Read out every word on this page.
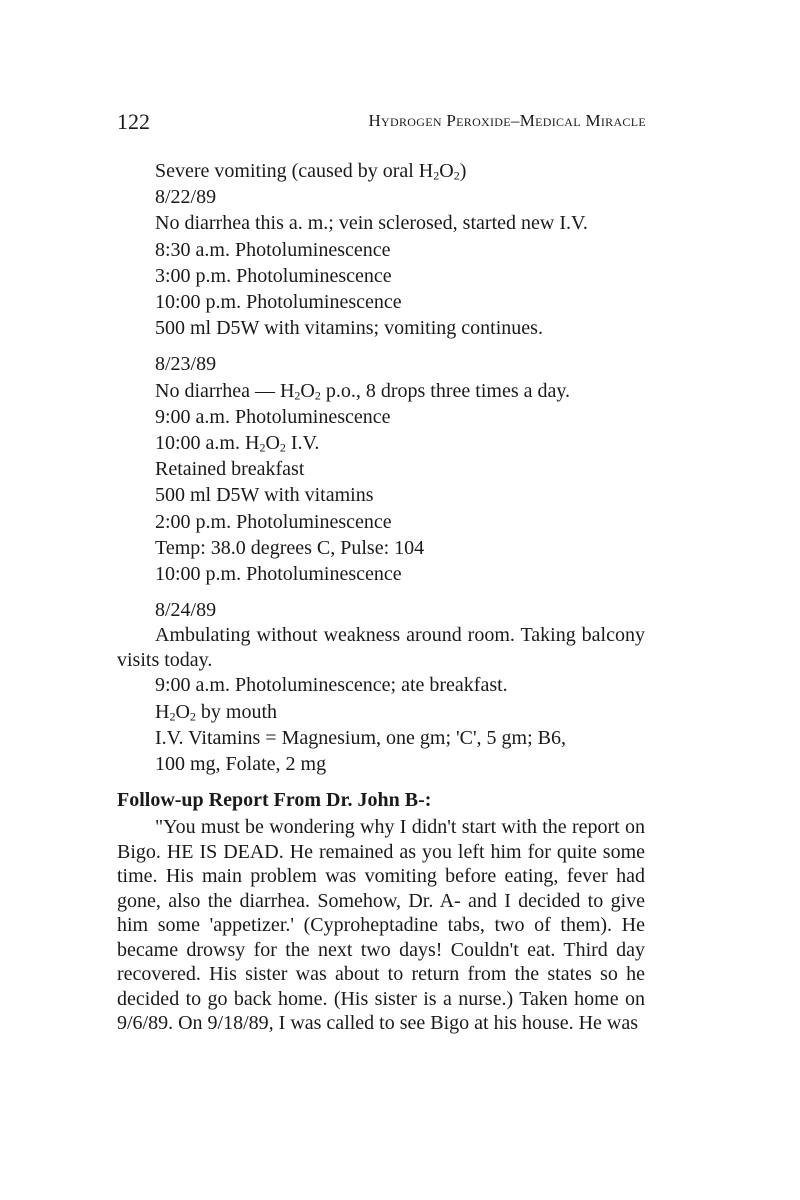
122	Hydrogen Peroxide–Medical Miracle
Severe vomiting (caused by oral H2O2)
8/22/89
No diarrhea this a. m.; vein sclerosed, started new I.V.
8:30 a.m. Photoluminescence
3:00 p.m. Photoluminescence
10:00 p.m. Photoluminescence
500 ml D5W with vitamins; vomiting continues.
8/23/89
No diarrhea — H2O2 p.o., 8 drops three times a day.
9:00 a.m. Photoluminescence
10:00 a.m. H2O2 I.V.
Retained breakfast
500 ml D5W with vitamins
2:00 p.m. Photoluminescence
Temp: 38.0 degrees C, Pulse: 104
10:00 p.m. Photoluminescence
8/24/89

Ambulating without weakness around room. Taking balcony visits today.

9:00 a.m. Photoluminescence; ate breakfast.
H2O2 by mouth
I.V. Vitamins = Magnesium, one gm; 'C', 5 gm; B6,
100 mg, Folate, 2 mg
Follow-up Report From Dr. John B-:

"You must be wondering why I didn't start with the report on Bigo. HE IS DEAD. He remained as you left him for quite some time. His main problem was vomiting before eating, fever had gone, also the diarrhea. Somehow, Dr. A- and I decided to give him some 'appetizer.' (Cyproheptadine tabs, two of them). He became drowsy for the next two days! Couldn't eat. Third day recovered. His sister was about to return from the states so he decided to go back home. (His sister is a nurse.) Taken home on 9/6/89. On 9/18/89, I was called to see Bigo at his house. He was
